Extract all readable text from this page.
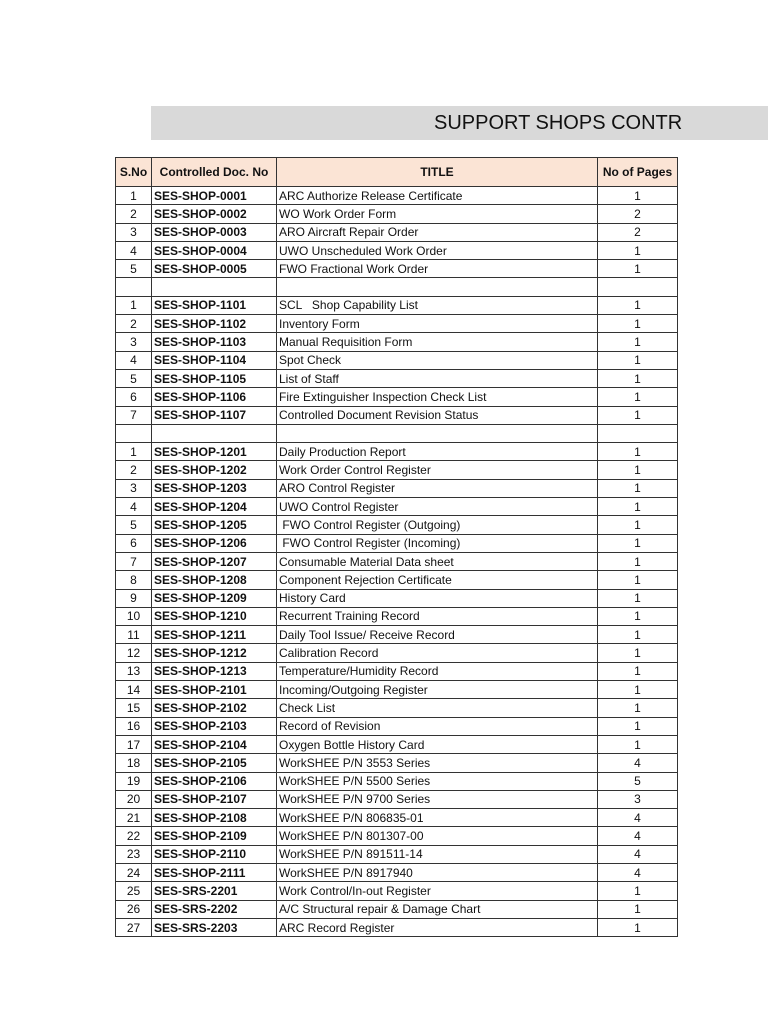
SUPPORT SHOPS CONTR
S.No	Controlled Doc. No	TITLE	No of Pages
1	SES-SHOP-0001	ARC Authorize Release Certificate	1
2	SES-SHOP-0002	WO Work Order Form	2
3	SES-SHOP-0003	ARO Aircraft Repair Order	2
4	SES-SHOP-0004	UWO Unscheduled Work Order	1
5	SES-SHOP-0005	FWO Fractional Work Order	1

1	SES-SHOP-1101	SCL   Shop Capability List	1
2	SES-SHOP-1102	Inventory Form	1
3	SES-SHOP-1103	Manual Requisition Form	1
4	SES-SHOP-1104	Spot Check	1
5	SES-SHOP-1105	List of Staff	1
6	SES-SHOP-1106	Fire Extinguisher Inspection Check List	1
7	SES-SHOP-1107	Controlled Document Revision Status	1

1	SES-SHOP-1201	Daily Production Report	1
2	SES-SHOP-1202	Work Order Control Register	1
3	SES-SHOP-1203	ARO Control Register	1
4	SES-SHOP-1204	UWO Control Register	1
5	SES-SHOP-1205	FWO Control Register (Outgoing)	1
6	SES-SHOP-1206	FWO Control Register (Incoming)	1
7	SES-SHOP-1207	Consumable Material Data sheet	1
8	SES-SHOP-1208	Component Rejection Certificate	1
9	SES-SHOP-1209	History Card	1
10	SES-SHOP-1210	Recurrent Training Record	1
11	SES-SHOP-1211	Daily Tool Issue/ Receive Record	1
12	SES-SHOP-1212	Calibration Record	1
13	SES-SHOP-1213	Temperature/Humidity Record	1
14	SES-SHOP-2101	Incoming/Outgoing Register	1
15	SES-SHOP-2102	Check List	1
16	SES-SHOP-2103	Record of Revision	1
17	SES-SHOP-2104	Oxygen Bottle History Card	1
18	SES-SHOP-2105	WorkSHEE P/N 3553 Series	4
19	SES-SHOP-2106	WorkSHEE P/N 5500 Series	5
20	SES-SHOP-2107	WorkSHEE P/N 9700 Series	3
21	SES-SHOP-2108	WorkSHEE P/N 806835-01	4
22	SES-SHOP-2109	WorkSHEE P/N 801307-00	4
23	SES-SHOP-2110	WorkSHEE P/N 891511-14	4
24	SES-SHOP-2111	WorkSHEE P/N 8917940	4
25	SES-SRS-2201	Work Control/In-out Register	1
26	SES-SRS-2202	A/C Structural repair & Damage Chart	1
27	SES-SRS-2203	ARC Record Register	1
